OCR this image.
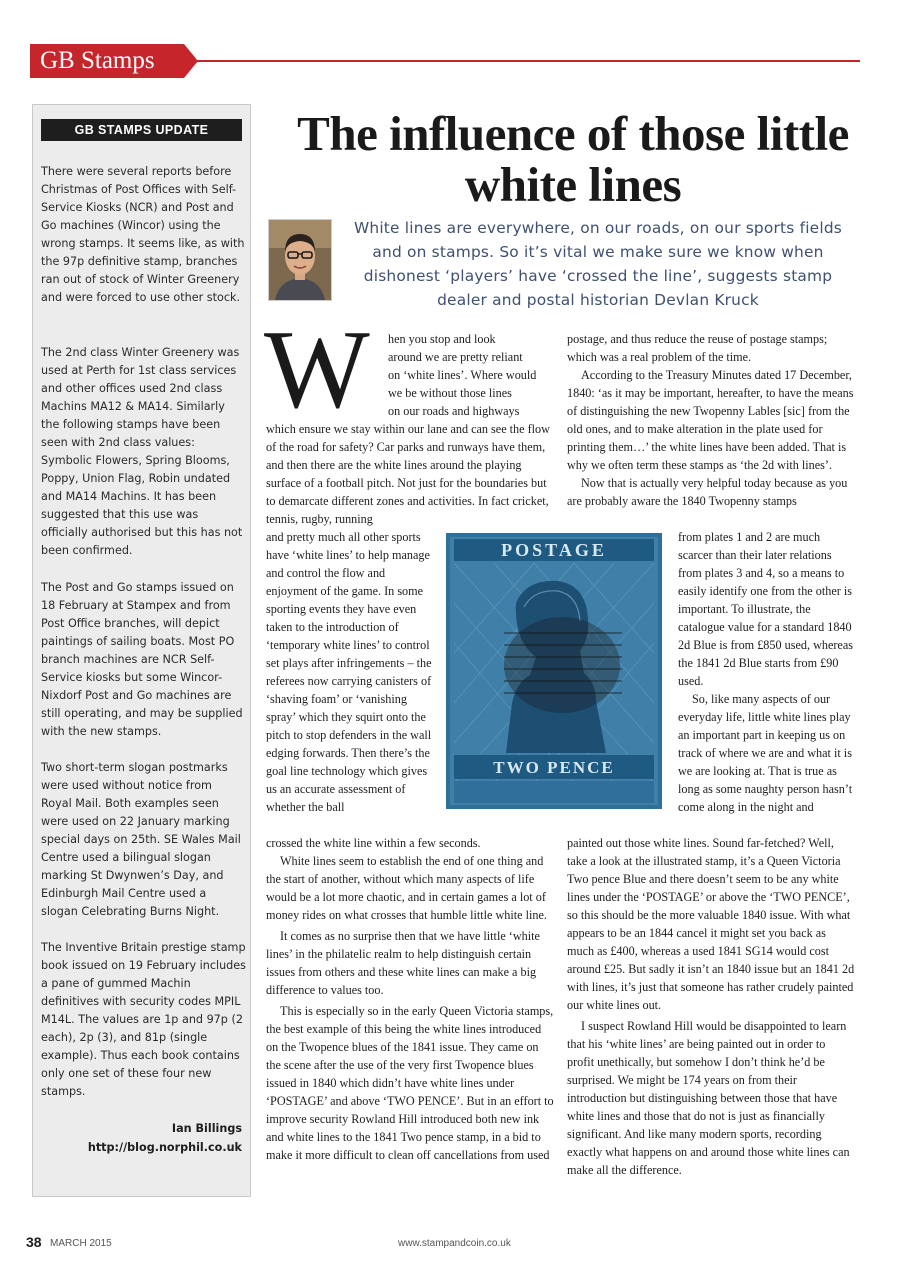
GB Stamps
GB STAMPS UPDATE

There were several reports before Christmas of Post Offices with Self-Service Kiosks (NCR) and Post and Go machines (Wincor) using the wrong stamps. It seems like, as with the 97p definitive stamp, branches ran out of stock of Winter Greenery and were forced to use other stock.

The 2nd class Winter Greenery was used at Perth for 1st class services and other offices used 2nd class Machins MA12 & MA14. Similarly the following stamps have been seen with 2nd class values: Symbolic Flowers, Spring Blooms, Poppy, Union Flag, Robin undated and MA14 Machins. It has been suggested that this use was officially authorised but this has not been confirmed.

The Post and Go stamps issued on 18 February at Stampex and from Post Office branches, will depict paintings of sailing boats. Most PO branch machines are NCR Self-Service kiosks but some Wincor-Nixdorf Post and Go machines are still operating, and may be supplied with the new stamps.

Two short-term slogan postmarks were used without notice from Royal Mail. Both examples seen were used on 22 January marking special days on 25th. SE Wales Mail Centre used a bilingual slogan marking St Dwynwen’s Day, and Edinburgh Mail Centre used a slogan Celebrating Burns Night.

The Inventive Britain prestige stamp book issued on 19 February includes a pane of gummed Machin definitives with security codes MPIL M14L. The values are 1p and 97p (2 each), 2p (3), and 81p (single example). Thus each book contains only one set of these four new stamps.

Ian Billings
http://blog.norphil.co.uk
The influence of those little white lines

White lines are everywhere, on our roads, on our sports fields and on stamps. So it’s vital we make sure we know when dishonest ‘players’ have ‘crossed the line’, suggests stamp dealer and postal historian Devlan Kruck

W hen you stop and look

around we are pretty reliant

on ‘white lines’. Where would

we be without those lines

on our roads and highways

which ensure we stay within our lane and can see the flow of the road for safety? Car parks and runways have them, and then there are the white lines around the playing surface of a football pitch. Not just for the boundaries but to demarcate different zones and activities. In fact cricket, tennis, rugby, running

and pretty much all other sports have ‘white lines’ to help manage and control the flow and enjoyment of the game. In some sporting events they have even taken to the introduction of ‘temporary white lines’ to control set plays after infringements – the referees now carrying canisters of ‘shaving foam’ or ‘vanishing spray’ which they squirt onto the pitch to stop defenders in the wall edging forwards. Then there’s the goal line technology which gives us an accurate assessment of whether the ball

crossed the white line within a few seconds.

White lines seem to establish the end of one thing and the start of another, without which many aspects of life would be a lot more chaotic, and in certain games a lot of money rides on what crosses that humble little white line.

It comes as no surprise then that we have little ‘white lines’ in the philatelic realm to help distinguish certain issues from others and these white lines can make a big difference to values too.

This is especially so in the early Queen Victoria stamps, the best example of this being the white lines introduced on the Twopence blues of the 1841 issue. They came on the scene after the use of the very first Twopence blues issued in 1840 which didn’t have white lines under ‘POSTAGE’ and above ‘TWO PENCE’. But in an effort to improve security Rowland Hill introduced both new ink and white lines to the 1841 Two pence stamp, in a bid to make it more difficult to clean off cancellations from used

postage, and thus reduce the reuse of postage stamps; which was a real problem of the time.

According to the Treasury Minutes dated 17 December, 1840: ‘as it may be important, hereafter, to have the means of distinguishing the new Twopenny Lables [sic] from the old ones, and to make alteration in the plate used for printing them…’ the white lines have been added. That is why we often term these stamps as ‘the 2d with lines’.

Now that is actually very helpful today because as you are probably aware the 1840 Twopenny stamps

from plates 1 and 2 are much scarcer than their later relations from plates 3 and 4, so a means to easily identify one from the other is important. To illustrate, the catalogue value for a standard 1840 2d Blue is from £850 used, whereas the 1841 2d Blue starts from £90 used.

So, like many aspects of our everyday life, little white lines play an important part in keeping us on track of where we are and what it is we are looking at. That is true as long as some naughty person hasn’t come along in the night and

painted out those white lines. Sound far-fetched? Well, take a look at the illustrated stamp, it’s a Queen Victoria Two pence Blue and there doesn’t seem to be any white lines under the ‘POSTAGE’ or above the ‘TWO PENCE’, so this should be the more valuable 1840 issue. With what appears to be an 1844 cancel it might set you back as much as £400, whereas a used 1841 SG14 would cost around £25. But sadly it isn’t an 1840 issue but an 1841 2d with lines, it’s just that someone has rather crudely painted our white lines out.

I suspect Rowland Hill would be disappointed to learn that his ‘white lines’ are being painted out in order to profit unethically, but somehow I don’t think he’d be surprised. We might be 174 years on from their introduction but distinguishing between those that have white lines and those that do not is just as financially significant. And like many modern sports, recording exactly what happens on and around those white lines can make all the difference.

POSTAGE
TWO PENCE
38 MARCH 2015	www.stampandcoin.co.uk
